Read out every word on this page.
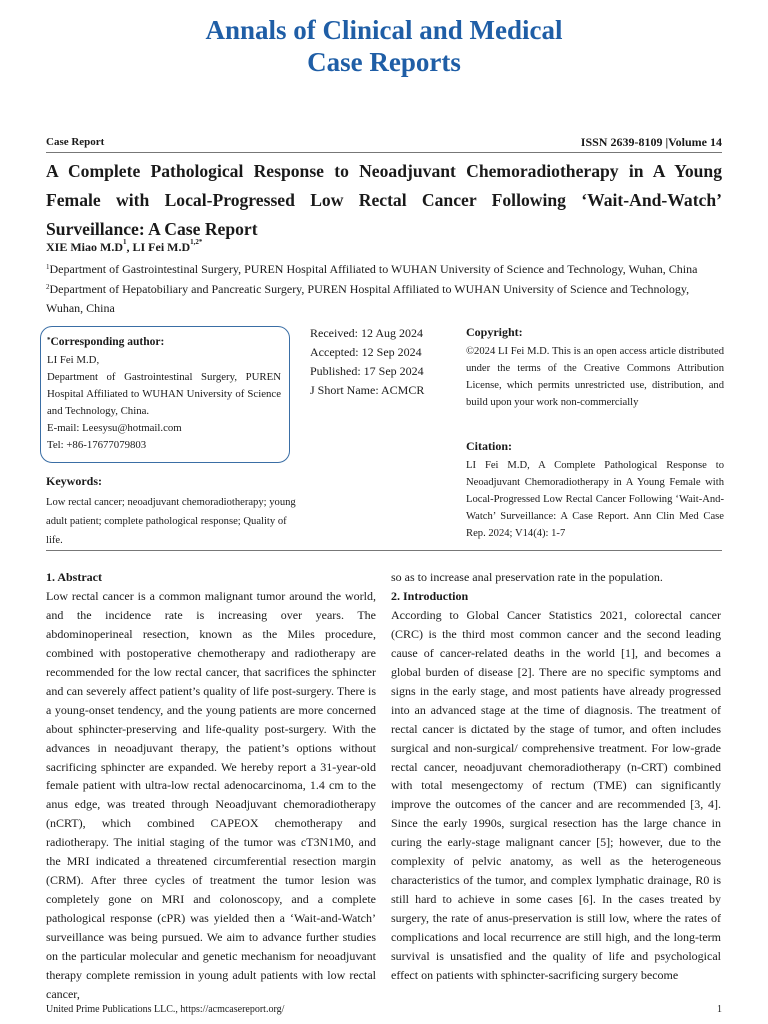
Annals of Clinical and Medical
Case Reports
Case Report	ISSN 2639-8109 |Volume 14
A Complete Pathological Response to Neoadjuvant Chemoradiotherapy in A Young Female with Local-Progressed Low Rectal Cancer Following ‘Wait-And-Watch’ Surveillance: A Case Report
XIE Miao $M.D^1$, LI Fei $M.D^{1,2*}$
$^1$Department of Gastrointestinal Surgery, PUREN Hospital Affiliated to WUHAN University of Science and Technology, Wuhan, China
$^2$Department of Hepatobiliary and Pancreatic Surgery, PUREN Hospital Affiliated to WUHAN University of Science and Technology, Wuhan, China
*Corresponding author:
LI Fei M.D,
Department of Gastrointestinal Surgery, PUREN Hospital Affiliated to WUHAN University of Science and Technology, China.
E-mail: Leesysu@hotmail.com
Tel: +86-17677079803
Received: 12 Aug 2024
Accepted: 12 Sep 2024
Published: 17 Sep 2024
J Short Name: ACMCR
Copyright:
©2024 LI Fei M.D. This is an open access article distributed under the terms of the Creative Commons Attribution License, which permits unrestricted use, distribution, and build upon your work non-commercially
Citation:
LI Fei M.D, A Complete Pathological Response to Neoadjuvant Chemoradiotherapy in A Young Female with Local-Progressed Low Rectal Cancer Following ‘Wait-And-Watch’ Surveillance: A Case Report. Ann Clin Med Case Rep. 2024; V14(4): 1-7
Keywords:
Low rectal cancer; neoadjuvant chemoradiotherapy; young adult patient; complete pathological response; Quality of life.

1. Abstract

Low rectal cancer is a common malignant tumor around the world, and the incidence rate is increasing over years. The abdominoperineal resection, known as the Miles procedure, combined with postoperative chemotherapy and radiotherapy are recommended for the low rectal cancer, that sacrifices the sphincter and can severely affect patient’s quality of life post-surgery. There is a young-onset tendency, and the young patients are more concerned about sphincter-preserving and life-quality post-surgery. With the advances in neoadjuvant therapy, the patient’s options without sacrificing sphincter are expanded. We hereby report a 31-year-old female patient with ultra-low rectal adenocarcinoma, 1.4 cm to the anus edge, was treated through Neoadjuvant chemoradiotherapy (nCRT), which combined CAPEOX chemotherapy and radiotherapy. The initial staging of the tumor was cT3N1M0, and the MRI indicated a threatened circumferential resection margin (CRM). After three cycles of treatment the tumor lesion was completely gone on MRI and colonoscopy, and a complete pathological response (cPR) was yielded then a ‘Wait-and-Watch’ surveillance was being pursued. We aim to advance further studies on the particular molecular and genetic mechanism for neoadjuvant therapy complete remission in young adult patients with low rectal cancer,

so as to increase anal preservation rate in the population.

2. Introduction

According to Global Cancer Statistics 2021, colorectal cancer (CRC) is the third most common cancer and the second leading cause of cancer-related deaths in the world [1], and becomes a global burden of disease [2]. There are no specific symptoms and signs in the early stage, and most patients have already progressed into an advanced stage at the time of diagnosis. The treatment of rectal cancer is dictated by the stage of tumor, and often includes surgical and non-surgical/ comprehensive treatment. For low-grade rectal cancer, neoadjuvant chemoradiotherapy (n-CRT) combined with total mesengectomy of rectum (TME) can significantly improve the outcomes of the cancer and are recommended [3, 4]. Since the early 1990s, surgical resection has the large chance in curing the early-stage malignant cancer [5]; however, due to the complexity of pelvic anatomy, as well as the heterogeneous characteristics of the tumor, and complex lymphatic drainage, R0 is still hard to achieve in some cases [6]. In the cases treated by surgery, the rate of anus-preservation is still low, where the rates of complications and local recurrence are still high, and the long-term survival is unsatisfied and the quality of life and psychological effect on patients with sphincter-sacrificing surgery become

United Prime Publications LLC., https://acmcasereport.org/	1
